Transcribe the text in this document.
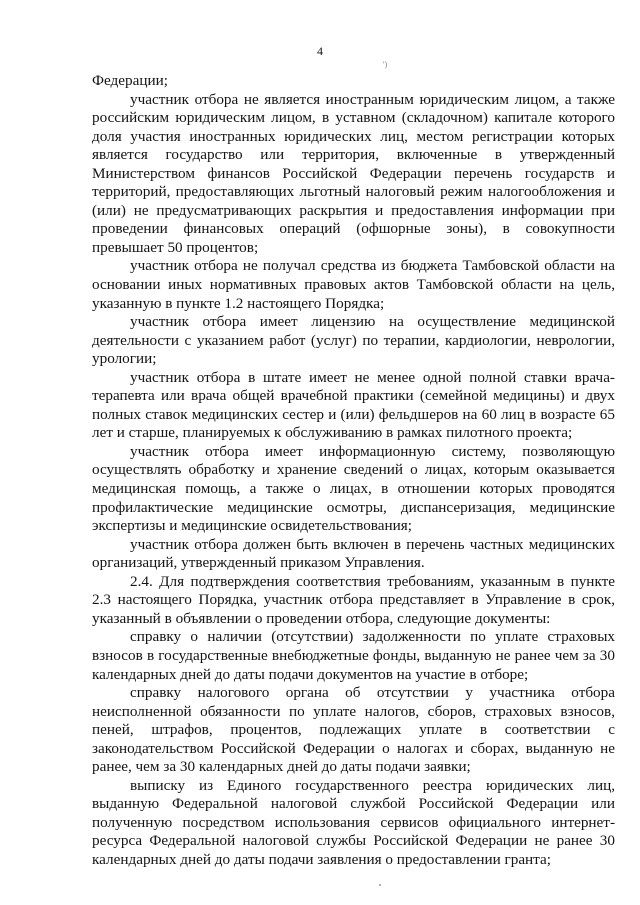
4
')

Федерации;

участник отбора не является иностранным юридическим лицом, а также российским юридическим лицом, в уставном (складочном) капитале которого доля участия иностранных юридических лиц, местом регистрации которых является государство или территория, включенные в утвержденный Министерством финансов Российской Федерации перечень государств и территорий, предоставляющих льготный налоговый режим налогообложения и (или) не предусматривающих раскрытия и предоставления информации при проведении финансовых операций (офшорные зоны), в совокупности превышает 50 процентов;

участник отбора не получал средства из бюджета Тамбовской области на основании иных нормативных правовых актов Тамбовской области на цель, указанную в пункте 1.2 настоящего Порядка;

участник отбора имеет лицензию на осуществление медицинской деятельности с указанием работ (услуг) по терапии, кардиологии, неврологии, урологии;

участник отбора в штате имеет не менее одной полной ставки врача-терапевта или врача общей врачебной практики (семейной медицины) и двух полных ставок медицинских сестер и (или) фельдшеров на 60 лиц в возрасте 65 лет и старше, планируемых к обслуживанию в рамках пилотного проекта;

участник отбора имеет информационную систему, позволяющую осуществлять обработку и хранение сведений о лицах, которым оказывается медицинская помощь, а также о лицах, в отношении которых проводятся профилактические медицинские осмотры, диспансеризация, медицинские экспертизы и медицинские освидетельствования;

участник отбора должен быть включен в перечень частных медицинских организаций, утвержденный приказом Управления.

2.4. Для подтверждения соответствия требованиям, указанным в пункте 2.3 настоящего Порядка, участник отбора представляет в Управление в срок, указанный в объявлении о проведении отбора, следующие документы:

справку о наличии (отсутствии) задолженности по уплате страховых взносов в государственные внебюджетные фонды, выданную не ранее чем за 30 календарных дней до даты подачи документов на участие в отборе;

справку налогового органа об отсутствии у участника отбора неисполненной обязанности по уплате налогов, сборов, страховых взносов, пеней, штрафов, процентов, подлежащих уплате в соответствии с законодательством Российской Федерации о налогах и сборах, выданную не ранее, чем за 30 календарных дней до даты подачи заявки;

выписку из Единого государственного реестра юридических лиц, выданную Федеральной налоговой службой Российской Федерации или полученную посредством использования сервисов официального интернет-ресурса Федеральной налоговой службы Российской Федерации не ранее 30 календарных дней до даты подачи заявления о предоставлении гранта;
